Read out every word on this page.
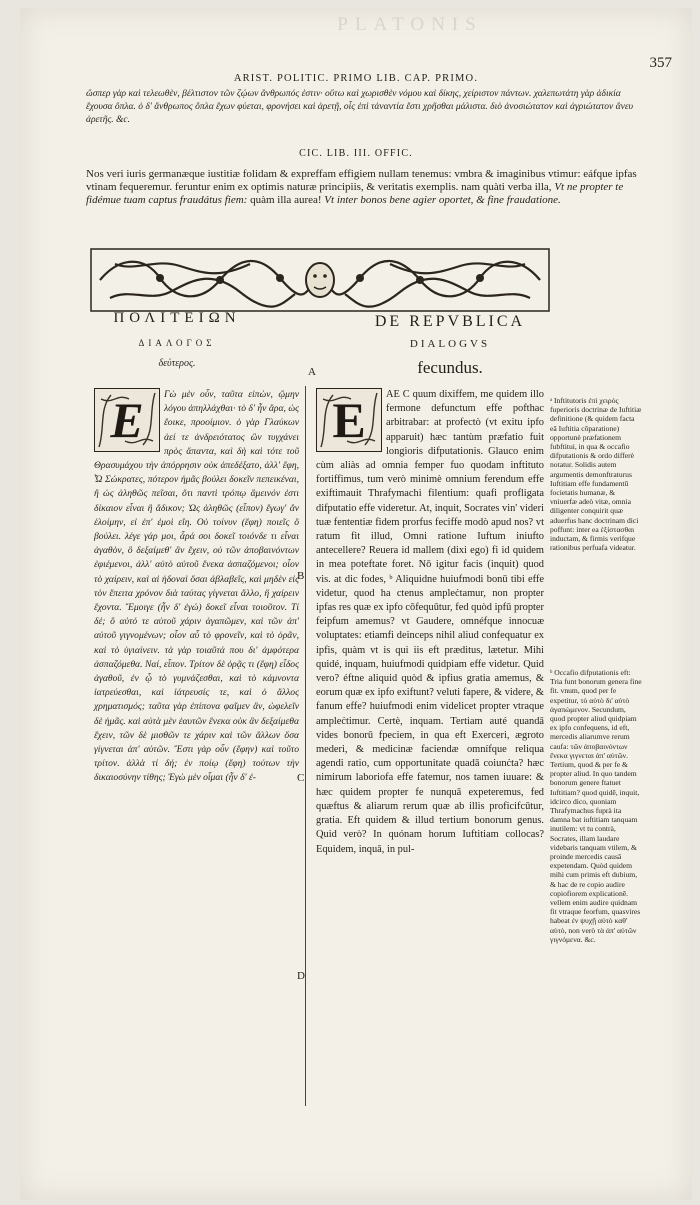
PLATONIS
357
ARIST. POLITIC. PRIMO LIB. CAP. PRIMO.
ὥσπερ γὰρ καὶ τελεωθὲν, βέλτιστον τῶν ζῴων ἄνθρωπός ἐστιν· οὕτω καὶ χωρισθὲν νόμου καὶ δίκης, χείριστον πάντων. χαλεπωτάτη γὰρ ἀδικία ἔχουσα ὅπλα. ὁ δ' ἄνθρωπος ὅπλα ἔχων φύεται, φρονήσει καὶ ἀρετῇ, οἷς ἐπὶ τἀναντία ἔστι χρῆσθαι μάλιστα. διὸ ἀνοσιώτατον καὶ ἀγριώτατον ἄνευ ἀρετῆς. &c.
CIC. LIB. III. OFFIC.
Nos veri iuris germanæque iustitiæ folidam & expreffam effigiem nullam tenemus: vmbra & imaginibus vtimur: eáfque ipfas vtinam fequeremur. feruntur enim ex optimis naturæ principiis, & veritatis exemplis. nam quàti verba illa, Vt ne propter te fidémue tuam captus fraudátus fiem: quàm illa aurea! Vt inter bonos bene agier oportet, & fine fraudatione.
ΠΟΛΙΤΕΙΩΝ
ΔΙΑΛΟΓΟΣ
δεύτερος.
DE REPVBLICA
DIALOGVS
fecundus.
A
B
C
D
E	Γὼ μὲν οὖν, ταῦτα εἰπὼν, ᾤμην λόγου ἀπηλλάχθαι· τὸ δ' ἦν ἄρα, ὡς ἔοικε, προοίμιον. ὁ γὰρ Γλαύκων ἀεί τε ἀνδρειότατος ὢν τυγχάνει πρὸς ἅπαντα, καὶ δὴ καὶ τότε τοῦ Θρασυμάχου τὴν ἀπόρρησιν οὐκ ἀπεδέξατο, ἀλλ' ἔφη, Ὦ Σώκρατες, πότερον ἡμᾶς βούλει δοκεῖν πεπεικέναι, ἢ ὡς ἀληθῶς πεῖσαι, ὅτι παντὶ τρόπῳ ἄμεινόν ἐστι δίκαιον εἶναι ἢ ἄδικον; Ὡς ἀληθῶς (εἶπον) ἔγωγ' ἂν ἑλοίμην, εἰ ἐπ' ἐμοὶ εἴη. Οὐ τοίνυν (ἔφη) ποιεῖς ὃ βούλει. λέγε γάρ μοι, ἆρά σοι δοκεῖ τοιόνδε τι εἶναι ἀγαθὸν, ὃ δεξαίμεθ' ἂν ἔχειν, οὐ τῶν ἀποβαινόντων ἐφιέμενοι, ἀλλ' αὐτὸ αὑτοῦ ἕνεκα ἀσπαζόμενοι; οἷον τὸ χαίρειν, καὶ αἱ ἡδοναὶ ὅσαι ἀβλαβεῖς, καὶ μηδὲν εἰς τὸν ἔπειτα χρόνον διὰ ταύτας γίγνεται ἄλλο, ἢ χαίρειν ἔχοντα. Ἔμοιγε (ἦν δ' ἐγώ) δοκεῖ εἶναι τοιοῦτον. Τί δέ; ὃ αὐτό τε αὑτοῦ χάριν ἀγαπῶμεν, καὶ τῶν ἀπ' αὐτοῦ γιγνομένων; οἷον αὖ τὸ φρονεῖν, καὶ τὸ ὁρᾶν, καὶ τὸ ὑγιαίνειν. τὰ γὰρ τοιαῦτά που δι' ἀμφότερα ἀσπαζόμεθα. Ναί, εἶπον. Τρίτον δὲ ὁρᾷς τι (ἔφη) εἶδος ἀγαθοῦ, ἐν ᾧ τὸ γυμνάζεσθαι, καὶ τὸ κάμνοντα ἰατρεύεσθαι, καὶ ἰάτρευσίς τε, καὶ ὁ ἄλλος χρηματισμός; ταῦτα γὰρ ἐπίπονα φαῖμεν ἂν, ὠφελεῖν δὲ ἡμᾶς. καὶ αὐτὰ μὲν ἑαυτῶν ἕνεκα οὐκ ἂν δεξαίμεθα ἔχειν, τῶν δὲ μισθῶν τε χάριν καὶ τῶν ἄλλων ὅσα γίγνεται ἀπ' αὐτῶν. Ἔστι γὰρ οὖν (ἔφην) καὶ τοῦτο τρίτον. ἀλλὰ τί δή; ἐν ποίῳ (ἔφη) τούτων τὴν δικαιοσύνην τίθης; Ἐγὼ μὲν οἶμαι (ἦν δ' ἐ-
E	AE C quum dixiffem, me quidem illo fermone defunctum effe pofthac arbitrabar: at profectò (vt exitu ipfo apparuit) hæc tantùm præfatio fuit longioris difputationis. Glauco enim cùm aliàs ad omnia femper fuo quodam inftituto fortiffimus, tum verò minimè omnium ferendum effe exiftimauit Thrafymachi filentium: quafi profligata difputatio effe videretur. At, inquit, Socrates vin' videri tuæ fententiæ fidem prorfus feciffe modò apud nos? vt ratum fit illud, Omni ratione Iuftum iniufto antecellere? Reuera id mallem (dixi ego) fi id quidem in mea poteftate foret. Nō igitur facis (inquit) quod vis. at dic fodes, ᵇ Aliquidne huiufmodi bonū tibi effe videtur, quod ha ctenus ampleċtamur, non propter ipfas res quæ ex ipfo cōfequūtur, fed quòd ipfū propter feipfum amemus? vt Gaudere, omnéfque innocuæ voluptates: etiamfi deinceps nihil aliud confequatur ex ipfis, quàm vt is qui iis eft præditus, lætetur. Mihi quidé, inquam, huiufmodi quidpiam effe videtur. Quid vero? éftne aliquid quòd & ipfius gratia amemus, & eorum quæ ex ipfo exiftunt? veluti fapere, & videre, & fanum effe? huiufmodi enim videlicet propter vtraque ampleċtimur. Certè, inquam. Tertiam auté quandā vides bonorū fpeciem, in qua eft Exerceri, ægroto mederi, & medicinæ faciendæ omnífque reliqua agendi ratio, cum opportunitate quadā coiunċta? hæc nimirum laboriofa effe fatemur, nos tamen iuuare: & hæc quidem propter fe nunquā expeteremus, fed quæftus & aliarum rerum quæ ab illis proficifcūtur, gratia. Eft quidem & illud tertium bonorum genus. Quid verò? In quónam horum Iuftitiam collocas? Equidem, inquā, in pul-
ᵃ Inftitutoris ἐπὶ χειρὸς fuperioris doctrinæ de Iuftitiæ definitione (& quidem facta eā Iuftitia cōparatione) opportunè præfationem fubftitui, in qua & occafio difputationis & ordo differè notatur. Solidis autem argumentis demonftraturus Iuftitiam effe fundamentū focietatis humanæ, & vniuerfæ adeò vitæ, omnia diligenter conquirit quæ aduerfus hanc doctrinam dici poffunt: inter ea ἐξίστασθαι inductam, & firmis verifque rationibus perfuafa videatur.
ᵇ Occafio difputationis eft: Tria funt bonorum genera fine fit. vnum, quod per fe expetitur, τὸ αὐτὸ δι' αὐτὸ ἀγαπώμενον. Secundum, quod propter aliud quidpiam ex ipfo confequens, id eft, mercedis aliarumve rerum caufa: τῶν ἀποβαινόντων ἕνεκα γιγνεται ἀπ' αὐτῶν. Tertium, quod & per fe & propter aliud. In quo tandem bonorum genere ftatuet Iuftitiam? quod quidē, inquit, idcirco dico, quoniam Thrafymachus fuprà ita damna bat iuftitiam tanquam inutilem: vt tu contrà, Socrates, illam laudare videbaris tanquam vtilem, & proinde mercedis causâ expetendam. Quòd quidem mihi cum primis eft dubium, & hac de re copio audire copiofiorem explicationē. vellem enim audire quidnam fit vtraque feorfum, quasvires habeat ἐν ψυχῇ αὐτὸ καθ' αὑτὸ, non verò τὰ ἀπ' αὐτῶν γιγνόμενα. &c.
